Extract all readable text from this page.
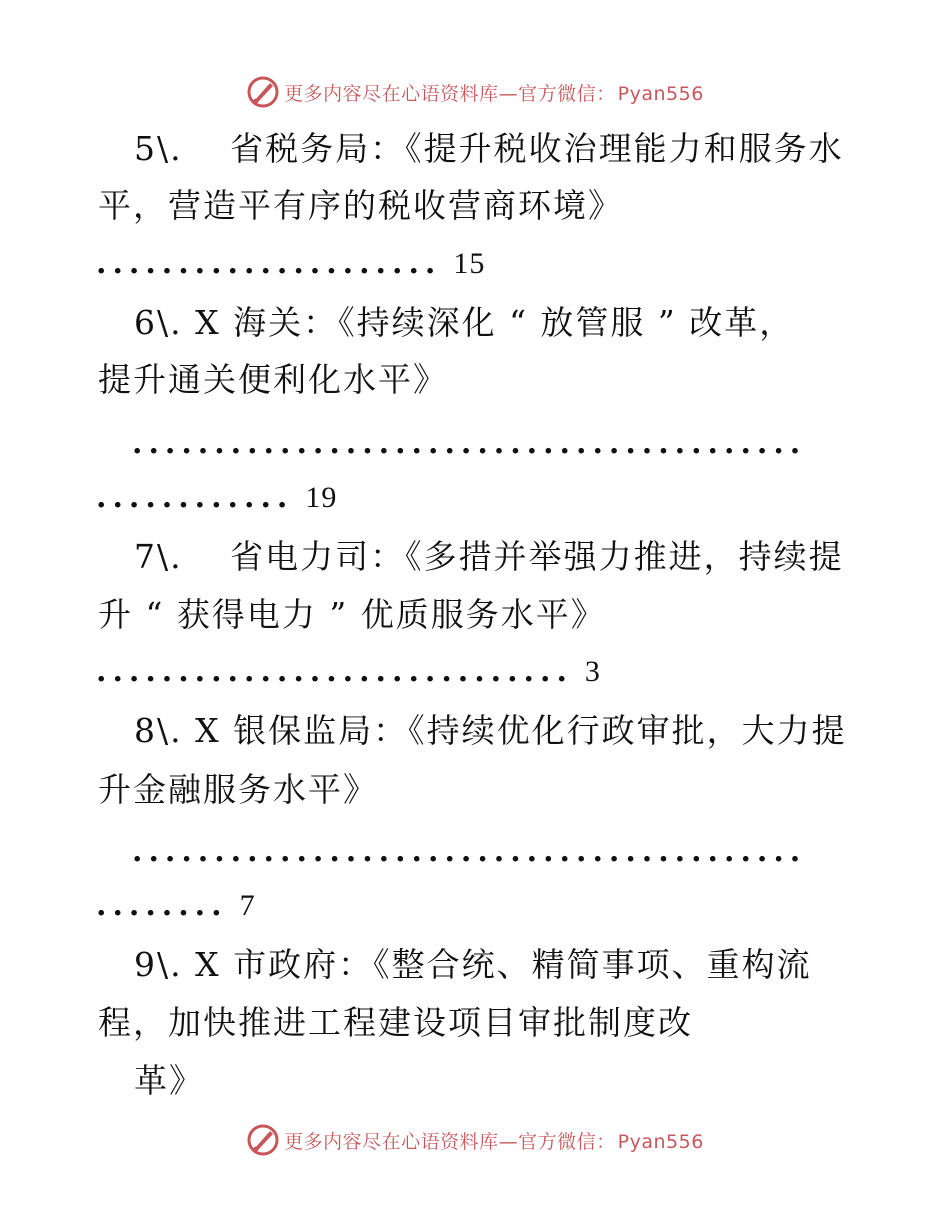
更多内容尽在心语资料库—官方微信： Pyan556
5\.　 省税务局：《提升税收治理能力和服务水
平，营造平有序的税收营商环境》
..................... 15
6\. X 海关：《持续深化 “ 放管服 ” 改革，
提升通关便利化水平》
.........................................
............ 19
7\.　 省电力司：《多措并举强力推进，持续提
升 “ 获得电力 ” 优质服务水平》
............................. 3
8\. X 银保监局：《持续优化行政审批，大力提
升金融服务水平》
.........................................
........ 7
9\. X 市政府：《整合统、精简事项、重构流
程，加快推进工程建设项目审批制度改
革》
更多内容尽在心语资料库—官方微信： Pyan556
